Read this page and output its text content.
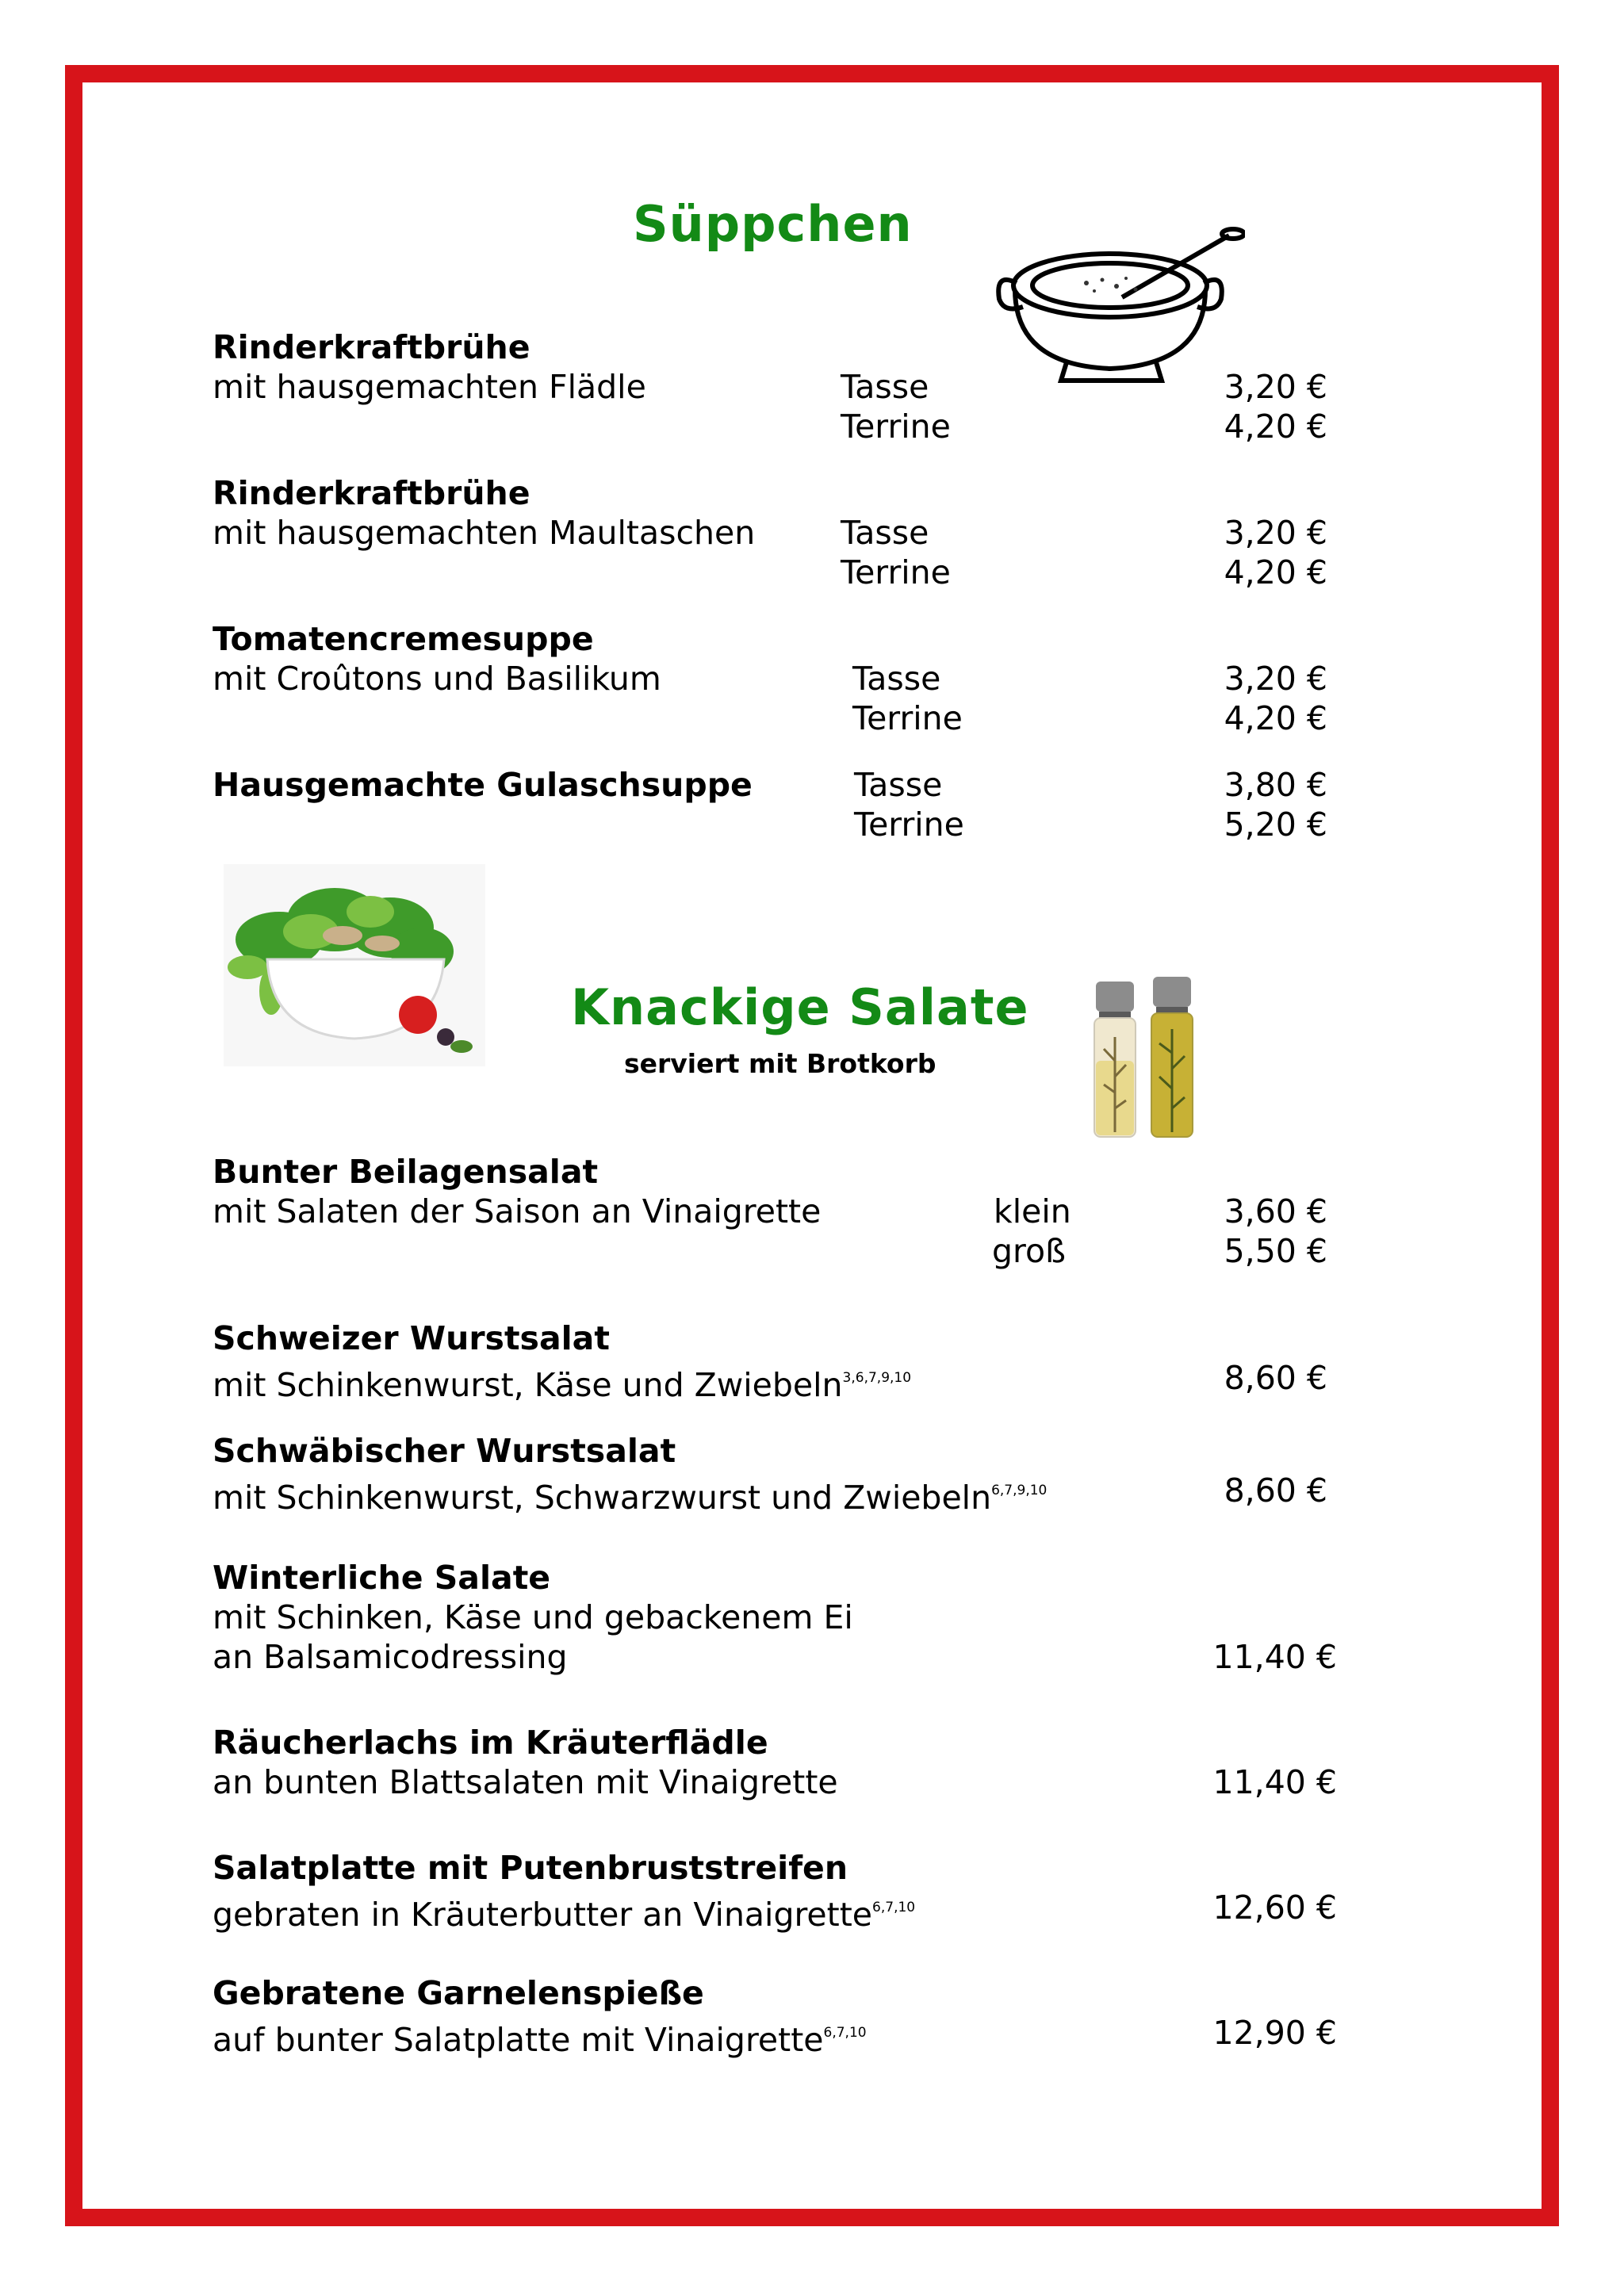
Süppchen
Rinderkraftbrühe
mit hausgemachten Flädle	Tasse	3,20 €
Terrine	4,20 €
Rinderkraftbrühe
mit hausgemachten Maultaschen	Tasse	3,20 €
Terrine	4,20 €
Tomatencremesuppe
mit Croûtons und Basilikum	Tasse	3,20 €
Terrine	4,20 €
Hausgemachte Gulaschsuppe	Tasse	3,80 €
Terrine	5,20 €
Knackige Salate
serviert mit Brotkorb
Bunter Beilagensalat
mit Salaten der Saison an Vinaigrette	klein	3,60 €
groß	5,50 €
Schweizer Wurstsalat
mit Schinkenwurst, Käse und Zwiebeln$^{3,6,7,9,10}$	8,60 €
Schwäbischer Wurstsalat
mit Schinkenwurst, Schwarzwurst und Zwiebeln$^{6,7,9,10}$	8,60 €
Winterliche Salate
mit Schinken, Käse und gebackenem Ei
an Balsamicodressing	11,40 €
Räucherlachs im Kräuterflädle
an bunten Blattsalaten mit Vinaigrette	11,40 €
Salatplatte mit Putenbruststreifen
gebraten in Kräuterbutter an Vinaigrette$^{6,7,10}$	12,60 €
Gebratene Garnelenspieße
auf bunter Salatplatte mit Vinaigrette$^{6,7,10}$	12,90 €
